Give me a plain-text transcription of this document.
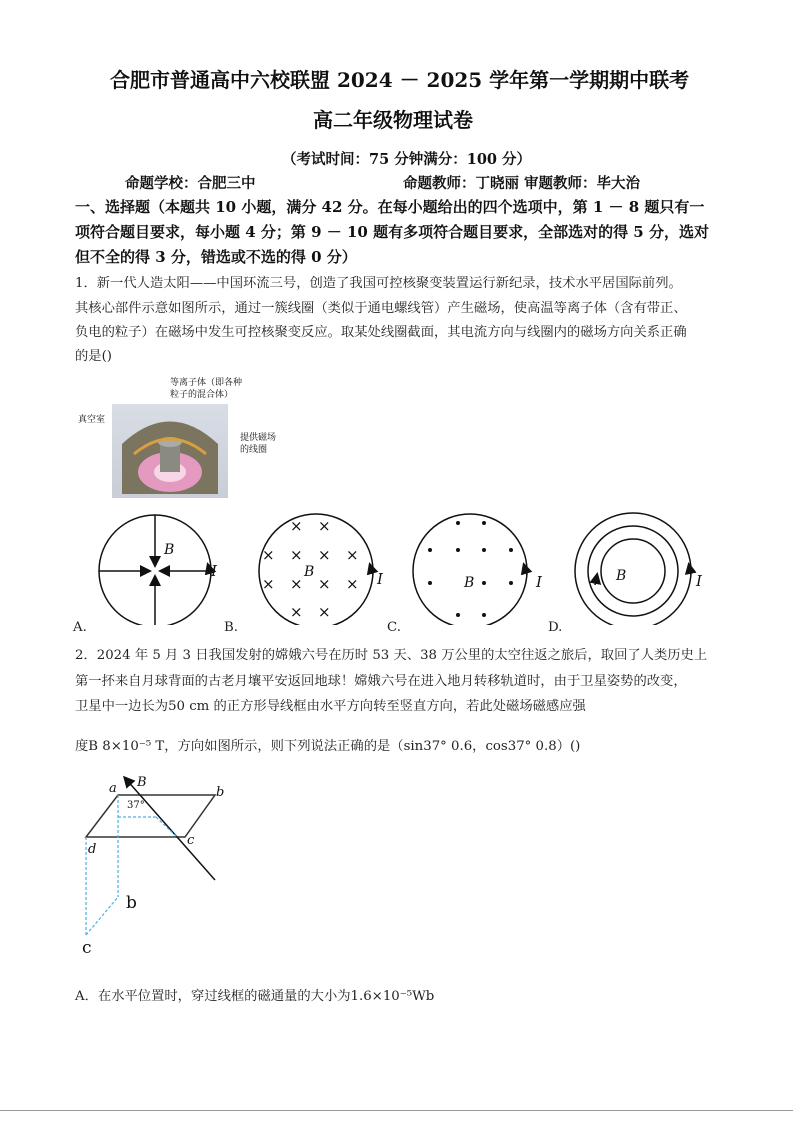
合肥市普通高中六校联盟 2024 － 2025 学年第一学期期中联考
高二年级物理试卷
（考试时间：75 分钟满分：100 分）
命题学校：合肥三中	命题教师：丁晓丽 审题教师：毕大治
一、选择题（本题共 10 小题，满分 42 分。在每小题给出的四个选项中，第 1 － 8 题只有一
项符合题目要求，每小题 4 分；第 9 － 10 题有多项符合题目要求，全部选对的得 5 分，选对
但不全的得 3 分，错选或不选的得 0 分）
1．新一代人造太阳——中国环流三号，创造了我国可控核聚变装置运行新纪录，技术水平居国际前列。
其核心部件示意如图所示，通过一簇线圈（类似于通电螺线管）产生磁场，使高温等离子体（含有带正、
负电的粒子）在磁场中发生可控核聚变反应。取某处线圈截面，其电流方向与线圈内的磁场方向关系正确
的是()
等离子体（即各种
粒子的混合体）
真空室
提供磁场
的线圈
× ×
× × × ×
× × × ×
× ×
B
I	B	I	B	I	B	I
A.	B.	C.	D.
2．2024 年 5 月 3 日我国发射的嫦娥六号在历时 53 天、38 万公里的太空往返之旅后，取回了人类历史上
第一抔来自月球背面的古老月壤平安返回地球！嫦娥六号在进入地月转移轨道时，由于卫星姿势的改变，
卫星中一边长为50 cm 的正方形导线框由水平方向转至竖直方向，若此处磁场磁感应强
度B 8×10⁻⁵ T，方向如图所示，则下列说法正确的是（sin37° 0.6，cos37° 0.8）()
a B
b
c
d
37°
b
c
A．在水平位置时，穿过线框的磁通量的大小为1.6×10⁻⁵Wb
